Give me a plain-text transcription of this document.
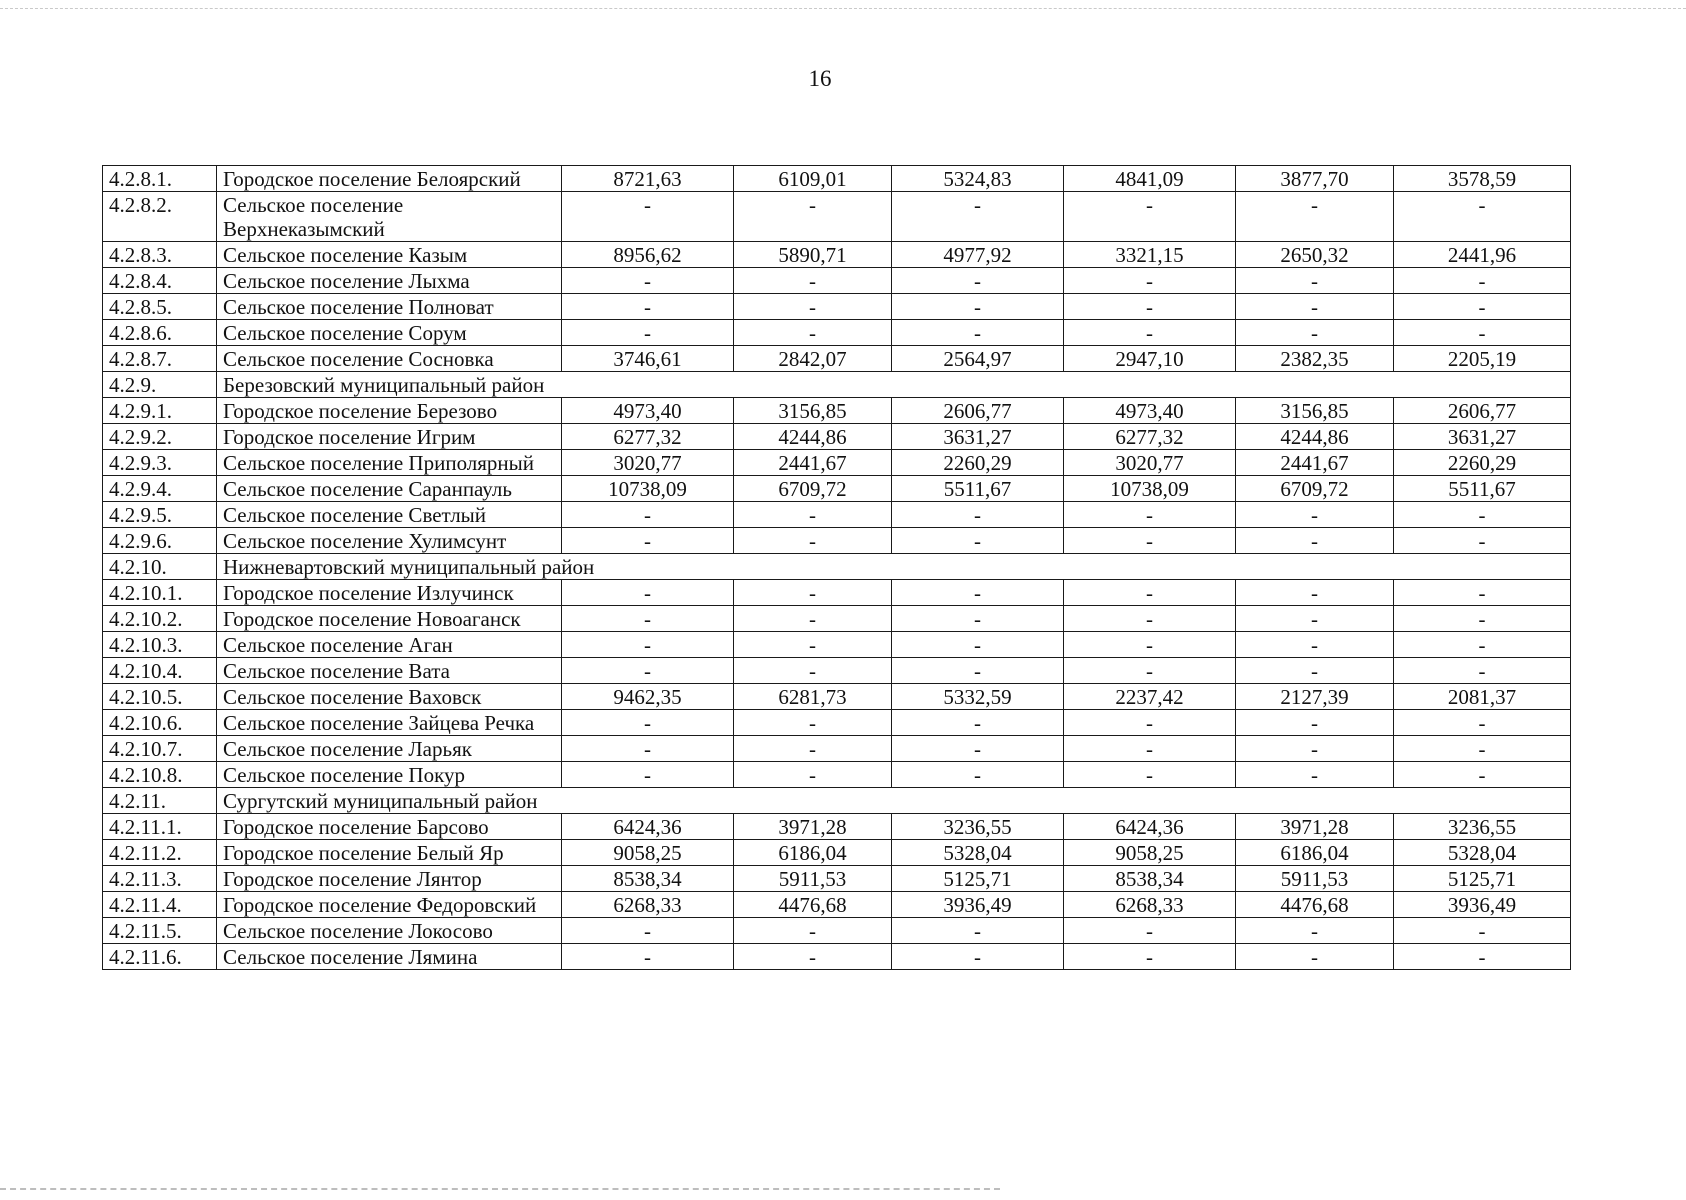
16
4.2.8.1.	Городское поселение Белоярский	8721,63	6109,01	5324,83	4841,09	3877,70	3578,59
4.2.8.2.	Сельское поселение Верхнеказымский	-	-	-	-	-	-
4.2.8.3.	Сельское поселение Казым	8956,62	5890,71	4977,92	3321,15	2650,32	2441,96
4.2.8.4.	Сельское поселение Лыхма	-	-	-	-	-	-
4.2.8.5.	Сельское поселение Полноват	-	-	-	-	-	-
4.2.8.6.	Сельское поселение Сорум	-	-	-	-	-	-
4.2.8.7.	Сельское поселение Сосновка	3746,61	2842,07	2564,97	2947,10	2382,35	2205,19
4.2.9.	Березовский муниципальный район						
4.2.9.1.	Городское поселение Березово	4973,40	3156,85	2606,77	4973,40	3156,85	2606,77
4.2.9.2.	Городское поселение Игрим	6277,32	4244,86	3631,27	6277,32	4244,86	3631,27
4.2.9.3.	Сельское поселение Приполярный	3020,77	2441,67	2260,29	3020,77	2441,67	2260,29
4.2.9.4.	Сельское поселение Саранпауль	10738,09	6709,72	5511,67	10738,09	6709,72	5511,67
4.2.9.5.	Сельское поселение Светлый	-	-	-	-	-	-
4.2.9.6.	Сельское поселение Хулимсунт	-	-	-	-	-	-
4.2.10.	Нижневартовский муниципальный район						
4.2.10.1.	Городское поселение Излучинск	-	-	-	-	-	-
4.2.10.2.	Городское поселение Новоаганск	-	-	-	-	-	-
4.2.10.3.	Сельское поселение Аган	-	-	-	-	-	-
4.2.10.4.	Сельское поселение Вата	-	-	-	-	-	-
4.2.10.5.	Сельское поселение Ваховск	9462,35	6281,73	5332,59	2237,42	2127,39	2081,37
4.2.10.6.	Сельское поселение Зайцева Речка	-	-	-	-	-	-
4.2.10.7.	Сельское поселение Ларьяк	-	-	-	-	-	-
4.2.10.8.	Сельское поселение Покур	-	-	-	-	-	-
4.2.11.	Сургутский муниципальный район						
4.2.11.1.	Городское поселение Барсово	6424,36	3971,28	3236,55	6424,36	3971,28	3236,55
4.2.11.2.	Городское поселение Белый Яр	9058,25	6186,04	5328,04	9058,25	6186,04	5328,04
4.2.11.3.	Городское поселение Лянтор	8538,34	5911,53	5125,71	8538,34	5911,53	5125,71
4.2.11.4.	Городское поселение Федоровский	6268,33	4476,68	3936,49	6268,33	4476,68	3936,49
4.2.11.5.	Сельское поселение Локосово	-	-	-	-	-	-
4.2.11.6.	Сельское поселение Лямина	-	-	-	-	-	-
